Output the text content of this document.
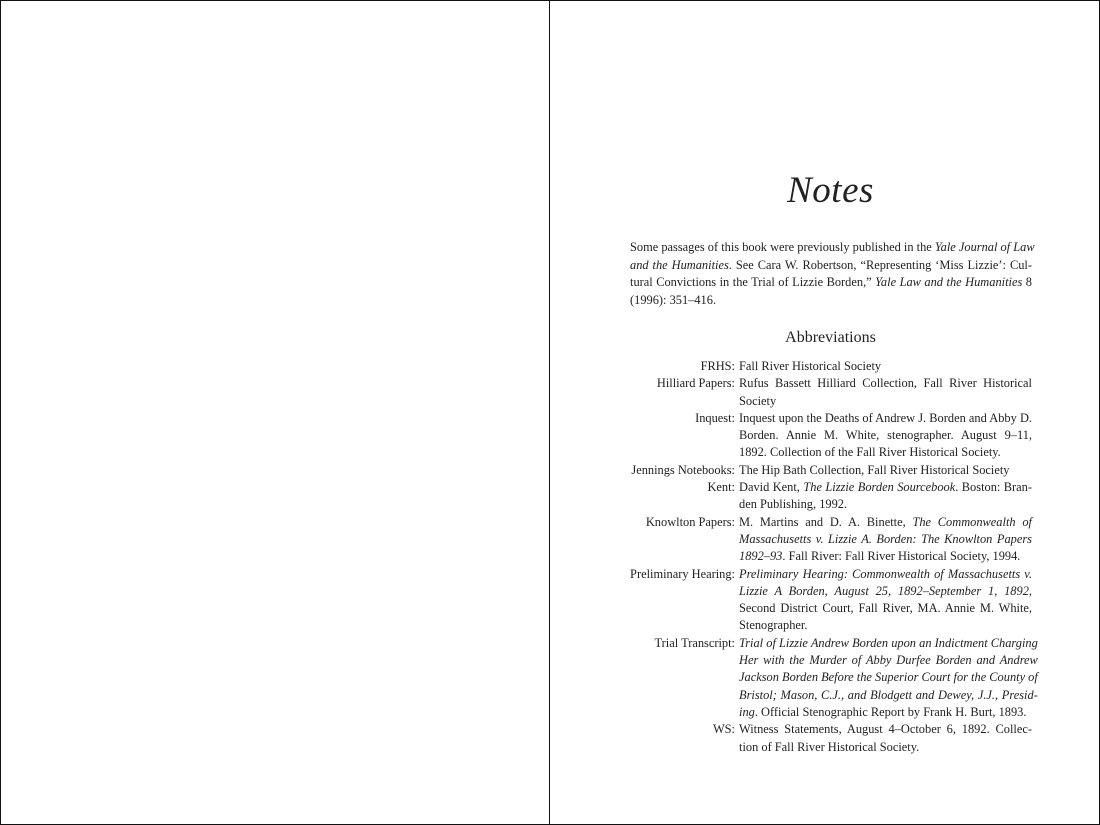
Notes
Some passages of this book were previously published in the Yale Journal of Law
and the Humanities. See Cara W. Robertson, “Representing ‘Miss Lizzie’: Cul-
tural Convictions in the Trial of Lizzie Borden,” Yale Law and the Humanities 8
(1996): 351–416.
Abbreviations
FRHS: Fall River Historical Society
Hilliard Papers: Rufus Bassett Hilliard Collection, Fall River Historical
Society
Inquest: Inquest upon the Deaths of Andrew J. Borden and Abby D.
Borden. Annie M. White, stenographer. August 9–11,
1892. Collection of the Fall River Historical Society.
Jennings Notebooks: The Hip Bath Collection, Fall River Historical Society
Kent: David Kent, The Lizzie Borden Sourcebook. Boston: Bran-
den Publishing, 1992.
Knowlton Papers: M. Martins and D. A. Binette, The Commonwealth of
Massachusetts v. Lizzie A. Borden: The Knowlton Papers
1892–93. Fall River: Fall River Historical Society, 1994.
Preliminary Hearing: Preliminary Hearing: Commonwealth of Massachusetts v.
Lizzie A Borden, August 25, 1892–September 1, 1892,
Second District Court, Fall River, MA. Annie M. White,
Stenographer.
Trial Transcript: Trial of Lizzie Andrew Borden upon an Indictment Charging
Her with the Murder of Abby Durfee Borden and Andrew
Jackson Borden Before the Superior Court for the County of
Bristol; Mason, C.J., and Blodgett and Dewey, J.J., Presid-
ing. Official Stenographic Report by Frank H. Burt, 1893.
WS: Witness Statements, August 4–October 6, 1892. Collec-
tion of Fall River Historical Society.
